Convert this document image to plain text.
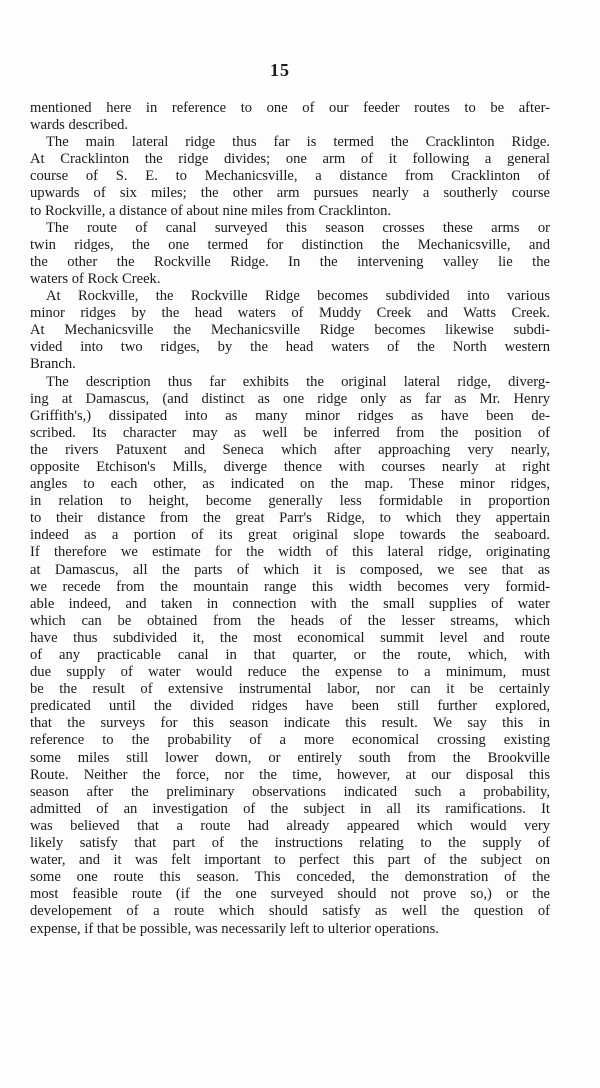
15
mentioned here in reference to one of our feeder routes to be after-
wards described.
The main lateral ridge thus far is termed the Cracklinton Ridge.
At Cracklinton the ridge divides; one arm of it following a general
course of S. E. to Mechanicsville, a distance from Cracklinton of
upwards of six miles; the other arm pursues nearly a southerly course
to Rockville, a distance of about nine miles from Cracklinton.
The route of canal surveyed this season crosses these arms or
twin ridges, the one termed for distinction the Mechanicsville, and
the other the Rockville Ridge. In the intervening valley lie the
waters of Rock Creek.
At Rockville, the Rockville Ridge becomes subdivided into various
minor ridges by the head waters of Muddy Creek and Watts Creek.
At Mechanicsville the Mechanicsville Ridge becomes likewise subdi-
vided into two ridges, by the head waters of the North western
Branch.
The description thus far exhibits the original lateral ridge, diverg-
ing at Damascus, (and distinct as one ridge only as far as Mr. Henry
Griffith's,) dissipated into as many minor ridges as have been de-
scribed. Its character may as well be inferred from the position of
the rivers Patuxent and Seneca which after approaching very nearly,
opposite Etchison's Mills, diverge thence with courses nearly at right
angles to each other, as indicated on the map. These minor ridges,
in relation to height, become generally less formidable in proportion
to their distance from the great Parr's Ridge, to which they appertain
indeed as a portion of its great original slope towards the seaboard.
If therefore we estimate for the width of this lateral ridge, originating
at Damascus, all the parts of which it is composed, we see that as
we recede from the mountain range this width becomes very formid-
able indeed, and taken in connection with the small supplies of water
which can be obtained from the heads of the lesser streams, which
have thus subdivided it, the most economical summit level and route
of any practicable canal in that quarter, or the route, which, with
due supply of water would reduce the expense to a minimum, must
be the result of extensive instrumental labor, nor can it be certainly
predicated until the divided ridges have been still further explored,
that the surveys for this season indicate this result. We say this in
reference to the probability of a more economical crossing existing
some miles still lower down, or entirely south from the Brookville
Route. Neither the force, nor the time, however, at our disposal this
season after the preliminary observations indicated such a probability,
admitted of an investigation of the subject in all its ramifications. It
was believed that a route had already appeared which would very
likely satisfy that part of the instructions relating to the supply of
water, and it was felt important to perfect this part of the subject on
some one route this season. This conceded, the demonstration of the
most feasible route (if the one surveyed should not prove so,) or the
developement of a route which should satisfy as well the question of
expense, if that be possible, was necessarily left to ulterior operations.
